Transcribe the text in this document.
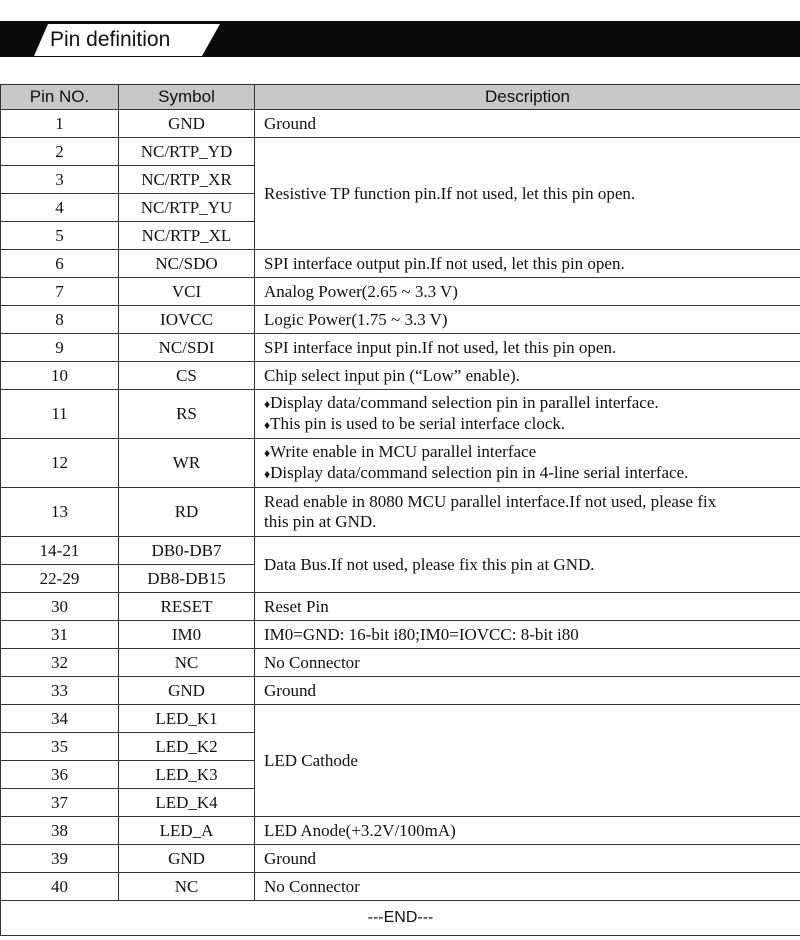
Pin definition
Pin NO.	Symbol	Description
1	GND	Ground
2	NC/RTP_YD	Resistive TP function pin.If not used, let this pin open.
3	NC/RTP_XR	
4	NC/RTP_YU	
5	NC/RTP_XL	
6	NC/SDO	SPI interface output pin.If not used, let this pin open.
7	VCI	Analog Power(2.65 ~ 3.3 V)
8	IOVCC	Logic Power(1.75 ~ 3.3 V)
9	NC/SDI	SPI interface input pin.If not used, let this pin open.
10	CS	Chip select input pin (“Low” enable).
11	RS	♦Display data/command selection pin in parallel interface.
♦This pin is used to be serial interface clock.

12	WR	♦Write enable in MCU parallel interface
♦Display data/command selection pin in 4-line serial interface.

13	RD	Read enable in 8080 MCU parallel interface.If not used, please fix
this pin at GND.

14-21	DB0-DB7	Data Bus.If not used, please fix this pin at GND.
22-29	DB8-DB15	
30	RESET	Reset Pin
31	IM0	IM0=GND: 16-bit i80;IM0=IOVCC: 8-bit i80
32	NC	No Connector
33	GND	Ground
34	LED_K1	LED Cathode
35	LED_K2	
36	LED_K3	
37	LED_K4	
38	LED_A	LED Anode(+3.2V/100mA)
39	GND	Ground
40	NC	No Connector
---END---		
